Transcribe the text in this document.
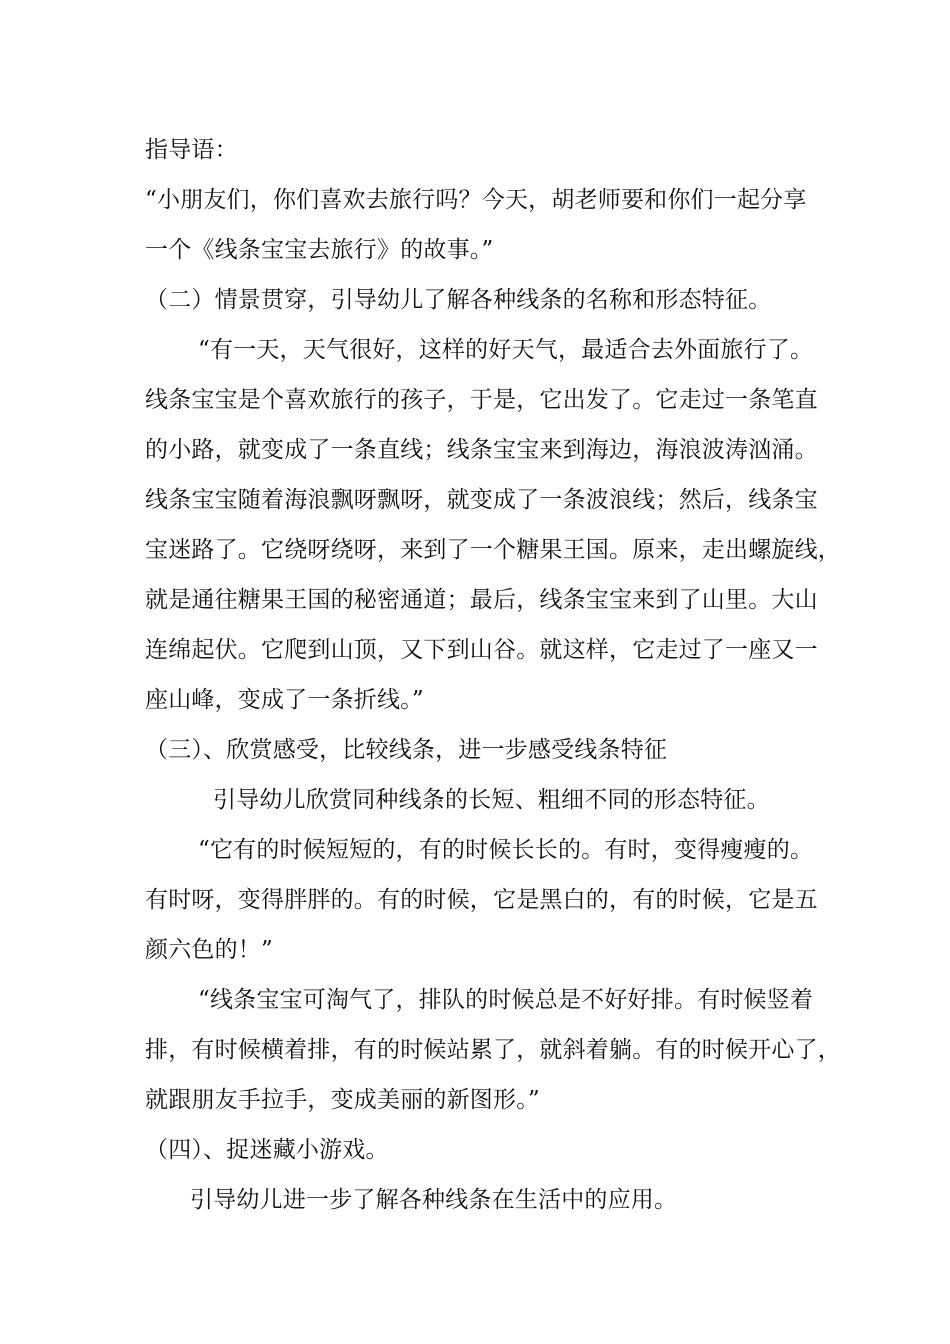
指导语：
“小朋友们，你们喜欢去旅行吗？今天，胡老师要和你们一起分享
一个《线条宝宝去旅行》的故事。”
（二）情景贯穿，引导幼儿了解各种线条的名称和形态特征。
“有一天，天气很好，这样的好天气，最适合去外面旅行了。
线条宝宝是个喜欢旅行的孩子，于是，它出发了。它走过一条笔直
的小路，就变成了一条直线；线条宝宝来到海边，海浪波涛汹涌。
线条宝宝随着海浪飘呀飘呀，就变成了一条波浪线；然后，线条宝
宝迷路了。它绕呀绕呀，来到了一个糖果王国。原来，走出螺旋线，
就是通往糖果王国的秘密通道；最后，线条宝宝来到了山里。大山
连绵起伏。它爬到山顶，又下到山谷。就这样，它走过了一座又一
座山峰，变成了一条折线。”
（三）、欣赏感受，比较线条，进一步感受线条特征
引导幼儿欣赏同种线条的长短、粗细不同的形态特征。
“它有的时候短短的，有的时候长长的。有时，变得瘦瘦的。
有时呀，变得胖胖的。有的时候，它是黑白的，有的时候，它是五
颜六色的！”
“线条宝宝可淘气了，排队的时候总是不好好排。有时候竖着
排，有时候横着排，有的时候站累了，就斜着躺。有的时候开心了，
就跟朋友手拉手，变成美丽的新图形。”
（四）、捉迷藏小游戏。
引导幼儿进一步了解各种线条在生活中的应用。
